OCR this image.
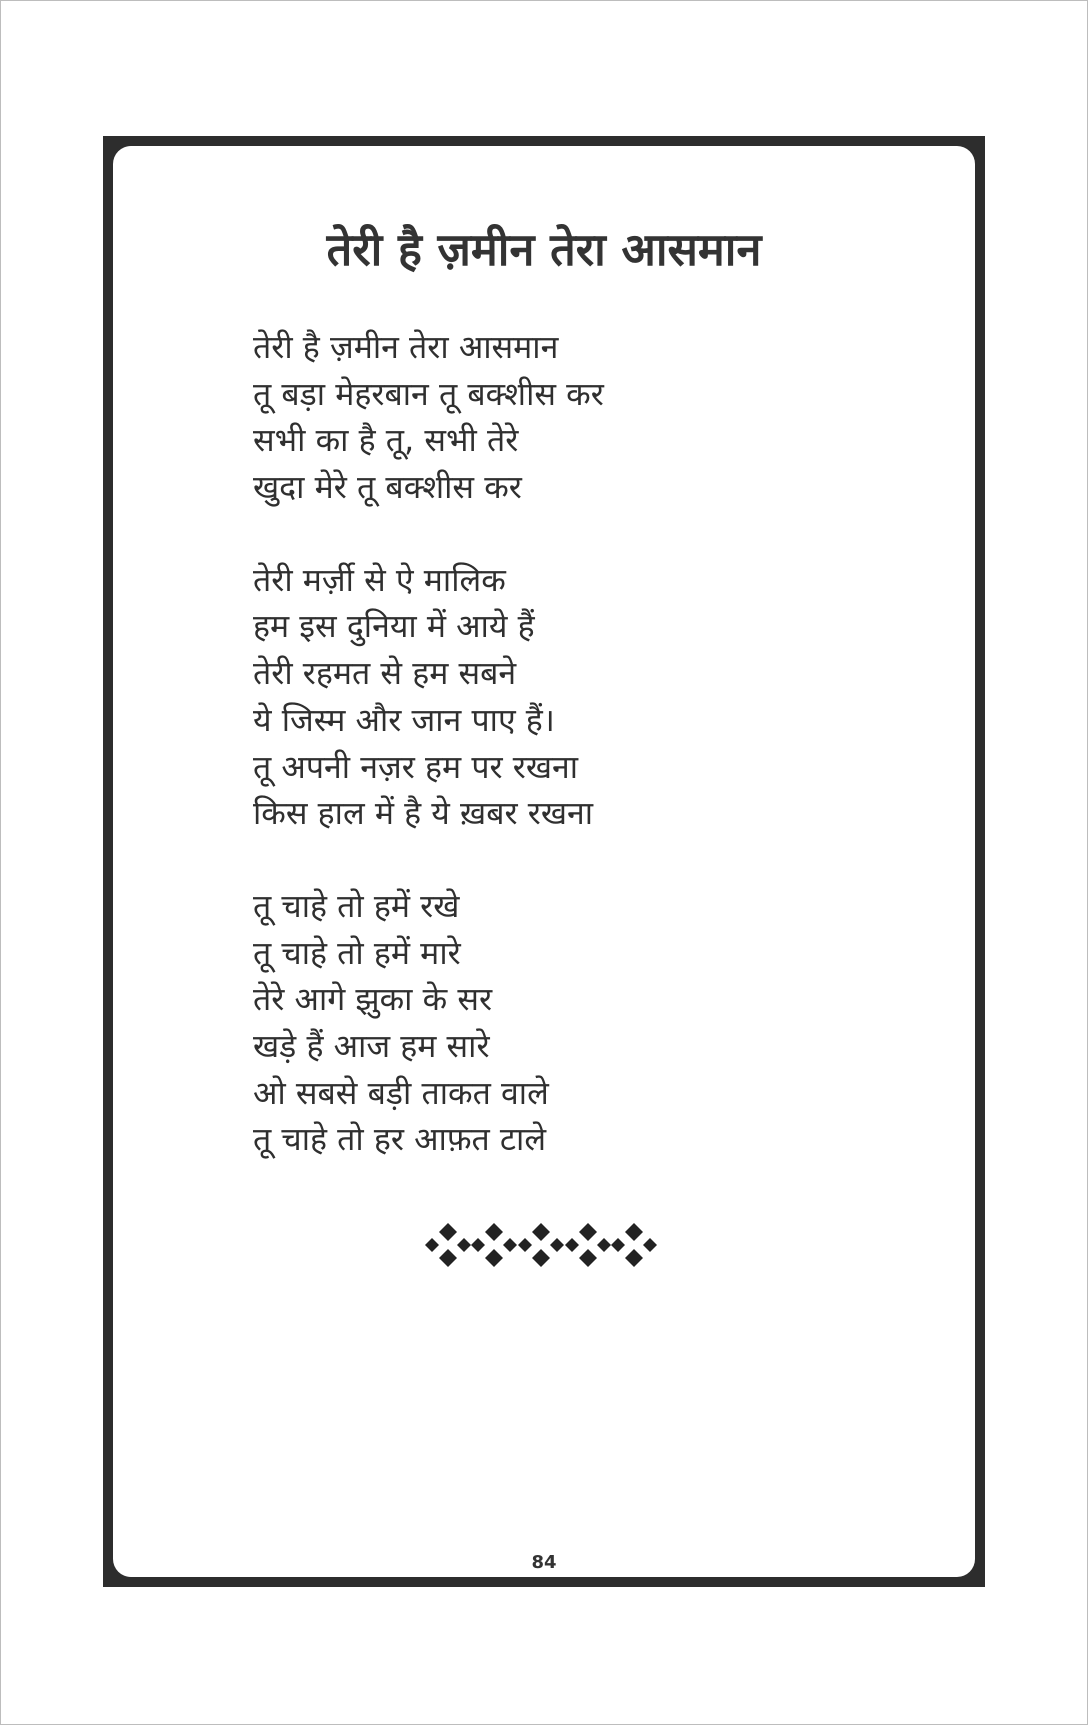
तेरी है ज़मीन तेरा आसमान
तेरी है ज़मीन तेरा आसमान
तू बड़ा मेहरबान तू बक्शीस कर
सभी का है तू, सभी तेरे
खुदा मेरे तू बक्शीस कर
तेरी मर्ज़ी से ऐ मालिक
हम इस दुनिया में आये हैं
तेरी रहमत से हम सबने
ये जिस्म और जान पाए हैं।
तू अपनी नज़र हम पर रखना
किस हाल में है ये ख़बर रखना
तू चाहे तो हमें रखे
तू चाहे तो हमें मारे
तेरे आगे झुका के सर
खड़े हैं आज हम सारे
ओ सबसे बड़ी ताकत वाले
तू चाहे तो हर आफ़त टाले
84
